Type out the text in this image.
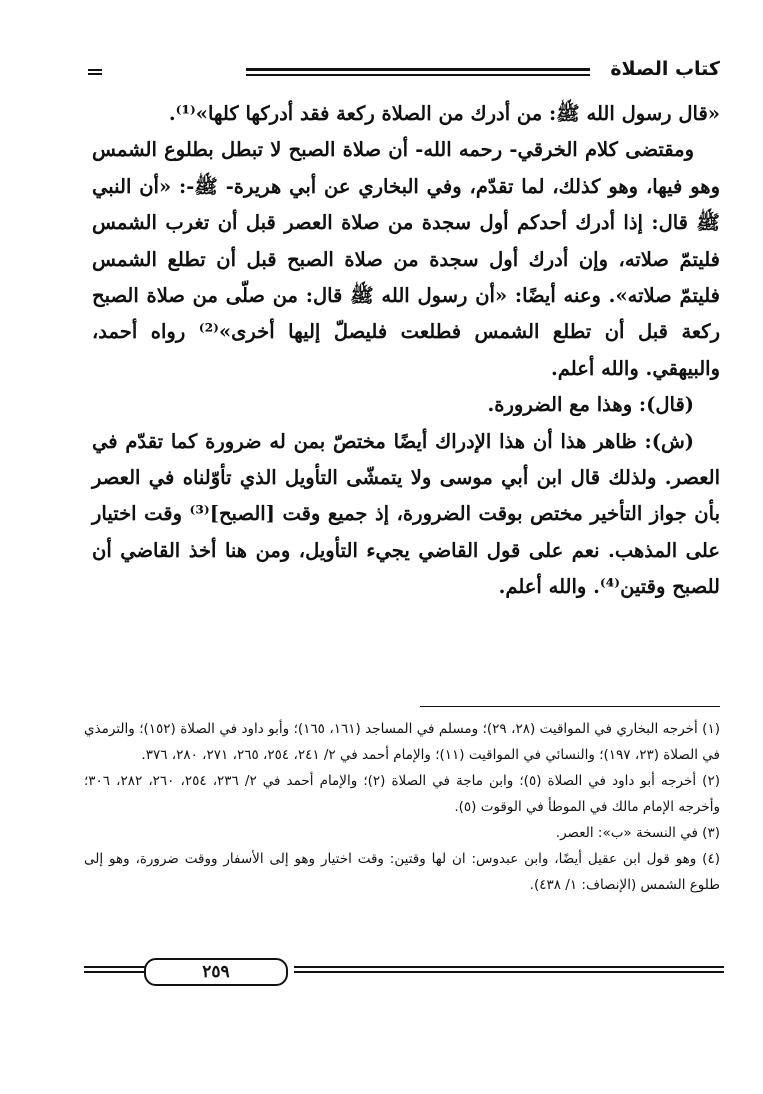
كتاب الصلاة

«قال رسول الله ﷺ: من أدرك من الصلاة ركعة فقد أدركها كلها»⁽¹⁾.

ومقتضى كلام الخرقي- رحمه الله- أن صلاة الصبح لا تبطل بطلوع الشمس وهو فيها، وهو كذلك، لما تقدّم، وفي البخاري عن أبي هريرة- ﷺ-: «أن النبي ﷺ قال: إذا أدرك أحدكم أول سجدة من صلاة العصر قبل أن تغرب الشمس فليتمّ صلاته، وإن أدرك أول سجدة من صلاة الصبح قبل أن تطلع الشمس فليتمّ صلاته». وعنه أيضًا: «أن رسول الله ﷺ قال: من صلّى من صلاة الصبح ركعة قبل أن تطلع الشمس فطلعت فليصلّ إليها أخرى»⁽²⁾ رواه أحمد، والبيهقي. والله أعلم.

(قال): وهذا مع الضرورة.

(ش): ظاهر هذا أن هذا الإدراك أيضًا مختصّ بمن له ضرورة كما تقدّم في العصر. ولذلك قال ابن أبي موسى ولا يتمشّى التأويل الذي تأوّلناه في العصر بأن جواز التأخير مختص بوقت الضرورة، إذ جميع وقت [الصبح]⁽³⁾ وقت اختيار على المذهب. نعم على قول القاضي يجيء التأويل، ومن هنا أخذ القاضي أن للصبح وقتين⁽⁴⁾. والله أعلم.

(١) أخرجه البخاري في المواقيت (٢٨، ٢٩)؛ ومسلم في المساجد (١٦١، ١٦٥)؛ وأبو داود في الصلاة (١٥٢)؛ والترمذي في الصلاة (٢٣، ١٩٧)؛ والنسائي في المواقيت (١١)؛ والإمام أحمد في ٢/ ٢٤١، ٢٥٤، ٢٦٥، ٢٧١، ٢٨٠، ٣٧٦.

(٢) أخرجه أبو داود في الصلاة (٥)؛ وابن ماجة في الصلاة (٢)؛ والإمام أحمد في ٢/ ٢٣٦، ٢٥٤، ٢٦٠، ٢٨٢، ٣٠٦؛ وأخرجه الإمام مالك في الموطأ في الوقوت (٥).

(٣) في النسخة «ب»: العصر.

(٤) وهو قول ابن عقيل أيضًا، وابن عبدوس: ان لها وقتين: وقت اختيار وهو إلى الأسفار ووقت ضرورة، وهو إلى طلوع الشمس (الإنصاف: ١/ ٤٣٨).

٢٥٩
